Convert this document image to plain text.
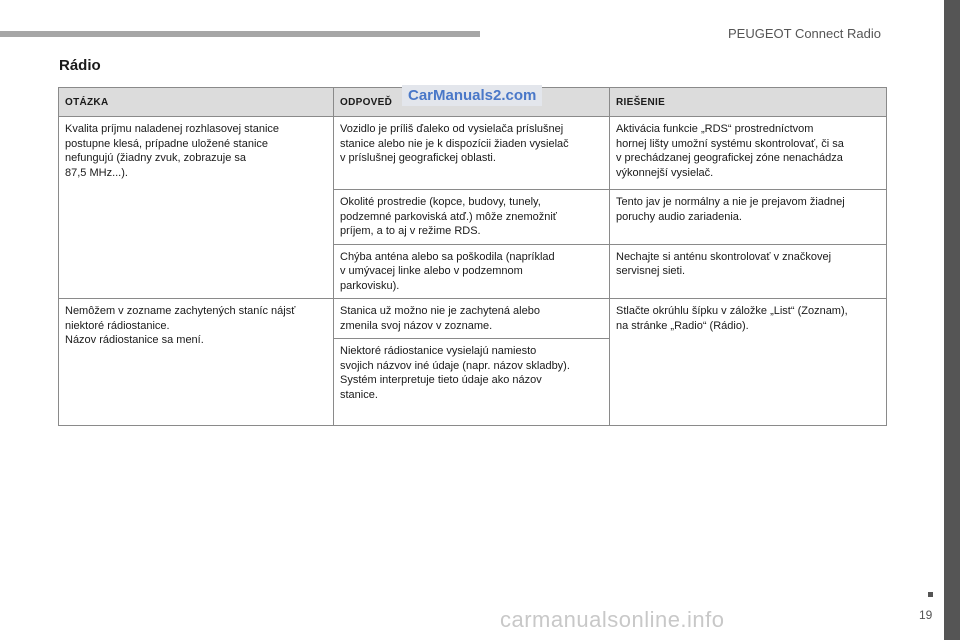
PEUGEOT Connect Radio
Rádio
OTÁZKA	ODPOVEĎ	RIEŠENIE
Kvalita príjmu naladenej rozhlasovej stanice
postupne klesá, prípadne uložené stanice
nefungujú (žiadny zvuk, zobrazuje sa
87,5 MHz...).	Vozidlo je príliš ďaleko od vysielača príslušnej
stanice alebo nie je k dispozícii žiaden vysielač
v príslušnej geografickej oblasti.	Aktivácia funkcie „RDS“ prostredníctvom
hornej lišty umožní systému skontrolovať, či sa
v prechádzanej geografickej zóne nenachádza
výkonnejší vysielač.
	Okolité prostredie (kopce, budovy, tunely,
podzemné parkoviská atď.) môže znemožniť
príjem, a to aj v režime RDS.	Tento jav je normálny a nie je prejavom žiadnej
poruchy audio zariadenia.
	Chýba anténa alebo sa poškodila (napríklad
v umývacej linke alebo v podzemnom
parkovisku).	Nechajte si anténu skontrolovať v značkovej
servisnej sieti.
Nemôžem v zozname zachytených staníc nájsť
niektoré rádiostanice.
Názov rádiostanice sa mení.	Stanica už možno nie je zachytená alebo
zmenila svoj názov v zozname.	Stlačte okrúhlu šípku v záložke „List“ (Zoznam),
na stránke „Radio“ (Rádio).
	Niektoré rádiostanice vysielajú namiesto
svojich názvov iné údaje (napr. názov skladby).
Systém interpretuje tieto údaje ako názov
stanice.	
CarManuals2.com
19
carmanualsonline.info
